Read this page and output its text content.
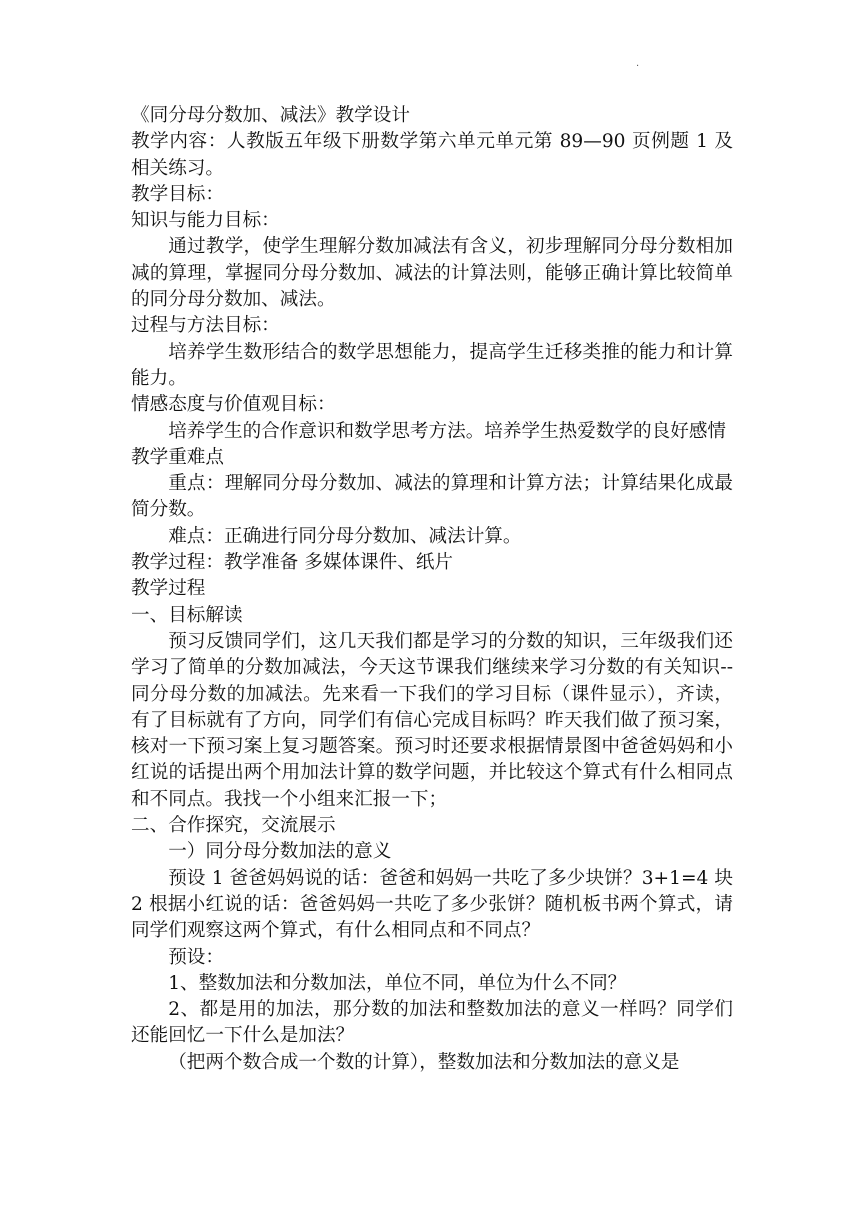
.

《同分母分数加、减法》教学设计

教学内容：人教版五年级下册数学第六单元单元第 89—90 页例题 1 及相关练习。

教学目标：

知识与能力目标：

通过教学，使学生理解分数加减法有含义，初步理解同分母分数相加减的算理，掌握同分母分数加、减法的计算法则，能够正确计算比较简单的同分母分数加、减法。

过程与方法目标：

培养学生数形结合的数学思想能力，提高学生迁移类推的能力和计算能力。

情感态度与价值观目标：

培养学生的合作意识和数学思考方法。培养学生热爱数学的良好感情

教学重难点

重点：理解同分母分数加、减法的算理和计算方法；计算结果化成最简分数。

难点：正确进行同分母分数加、减法计算。

教学过程：教学准备 多媒体课件、纸片

教学过程

一、目标解读

预习反馈同学们，这几天我们都是学习的分数的知识，三年级我们还学习了简单的分数加减法，今天这节课我们继续来学习分数的有关知识--同分母分数的加减法。先来看一下我们的学习目标（课件显示），齐读，有了目标就有了方向，同学们有信心完成目标吗？昨天我们做了预习案，核对一下预习案上复习题答案。预习时还要求根据情景图中爸爸妈妈和小红说的话提出两个用加法计算的数学问题，并比较这个算式有什么相同点和不同点。我找一个小组来汇报一下；

二、合作探究，交流展示

一）同分母分数加法的意义

预设 1 爸爸妈妈说的话：爸爸和妈妈一共吃了多少块饼？3+1=4 块 2 根据小红说的话：爸爸妈妈一共吃了多少张饼？随机板书两个算式，请同学们观察这两个算式，有什么相同点和不同点？

预设：

1、整数加法和分数加法，单位不同，单位为什么不同？

2、都是用的加法，那分数的加法和整数加法的意义一样吗？同学们还能回忆一下什么是加法？

（把两个数合成一个数的计算），整数加法和分数加法的意义是
